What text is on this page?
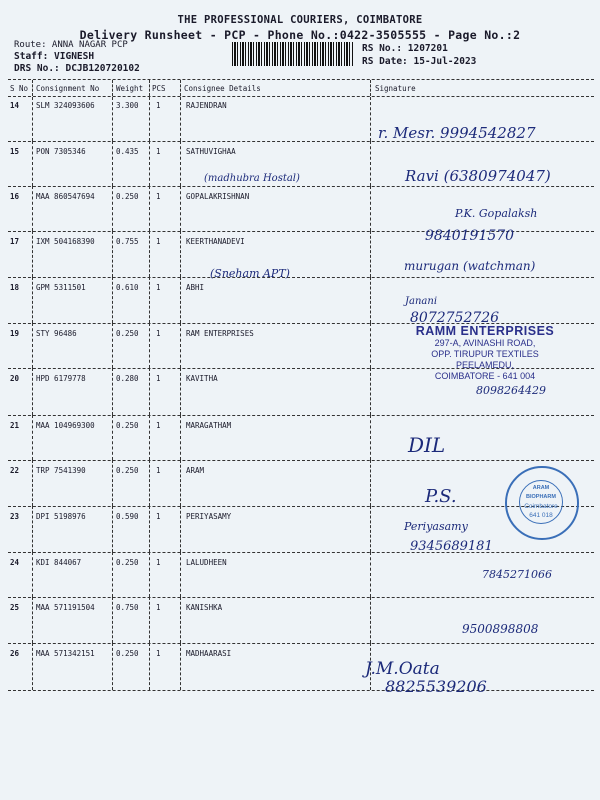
THE PROFESSIONAL COURIERS, COIMBATORE
Delivery Runsheet - PCP - Phone No.:0422-3505555 - Page No.:2
Route: ANNA NAGAR PCP
Staff: VIGNESH
DRS No.: DCJB120720102
RS No.: 1207201
RS Date: 15-Jul-2023
S No Consignment No Weight PCS Consignee Details	Signature
14 SLM 324093606	3.300 1	RAJENDRAN
r. Mesr. 9994542827
15 PON 7305346	0.435 1	SATHUVIGHAA
(madhubra Hostal)	Ravi (6380974047)
16 MAA 860547694	0.250 1	GOPALAKRISHNAN
P.K. Gopalaksh
9840191570
17 IXM 504168390	0.755 1	KEERTHANADEVI
(Sneham APT)
murugan (watchman)
18 GPM 5311501	0.610 1	ABHI
Janani
8072752726
19 STY 96486	0.250 1	RAM ENTERPRISES
20 HPD 6179778	0.280 1	KAVITHA
8098264429
21 MAA 104969300	0.250 1	MARAGATHAM
DIL
22 TRP 7541390	0.250 1	ARAM
P.S.
23 DPI 5198976	0.590 1	PERIYASAMY
Periyasamy
9345689181
24 KDI 844067	0.250 1	LALUDHEEN
7845271066
25 MAA 571191504	0.750 1	KANISHKA
9500898808
26 MAA 571342151	0.250 1	MADHAARASI
J.M.Oata
8825539206
RAMM ENTERPRISES
297-A, AVINASHI ROAD,
OPP. TIRUPUR TEXTILES
PEELAMEDU,
COIMBATORE - 641 004
ARAM BIOPHARM
Coimbatore
641 018
